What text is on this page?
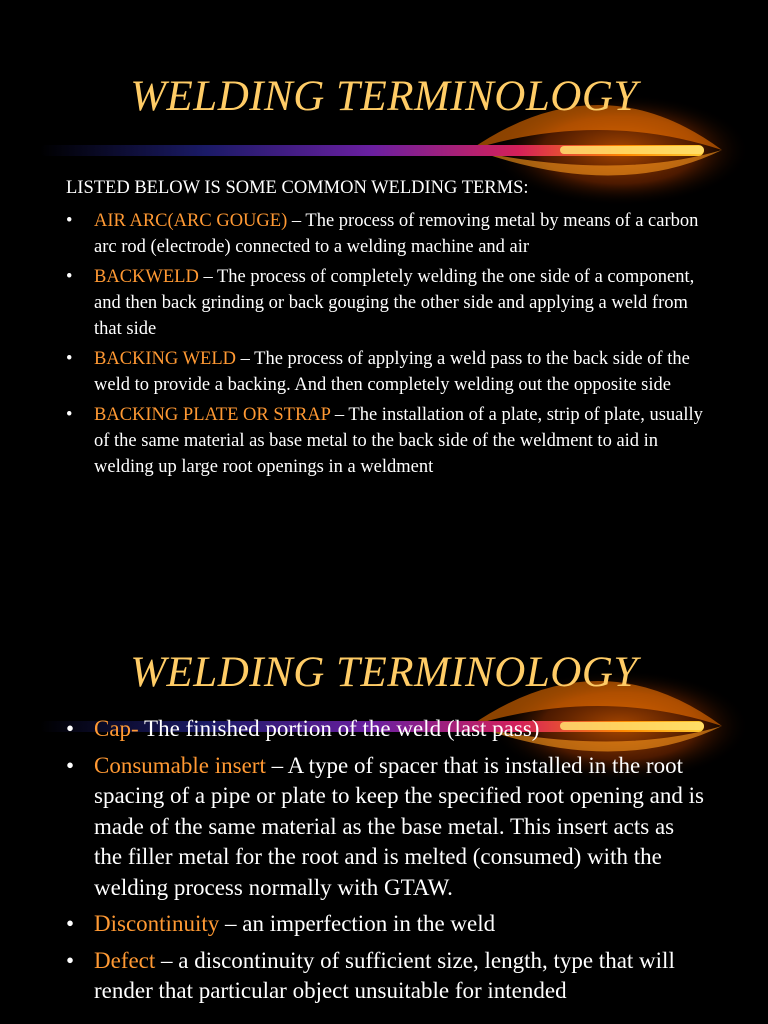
WELDING TERMINOLOGY

LISTED BELOW IS SOME COMMON WELDING TERMS:

• AIR ARC(ARC GOUGE) – The process of removing metal by means of a carbon arc rod (electrode) connected to a welding machine and air
• BACKWELD – The process of completely welding the one side of a component, and then back grinding or back gouging the other side and applying a weld from that side
• BACKING WELD – The process of applying a weld pass to the back side of the weld to provide a backing. And then completely welding out the opposite side
• BACKING PLATE OR STRAP – The installation of a plate, strip of plate, usually of the same material as base metal to the back side of the weldment to aid in welding up large root openings in a weldment
WELDING TERMINOLOGY
• Cap- The finished portion of the weld (last pass)
• Consumable insert – A type of spacer that is installed in the root spacing of a pipe or plate to keep the specified root opening and is made of the same material as the base metal. This insert acts as the filler metal for the root and is melted (consumed) with the welding process normally with GTAW.
• Discontinuity – an imperfection in the weld
• Defect – a discontinuity of sufficient size, length, type that will render that particular object unsuitable for intended
